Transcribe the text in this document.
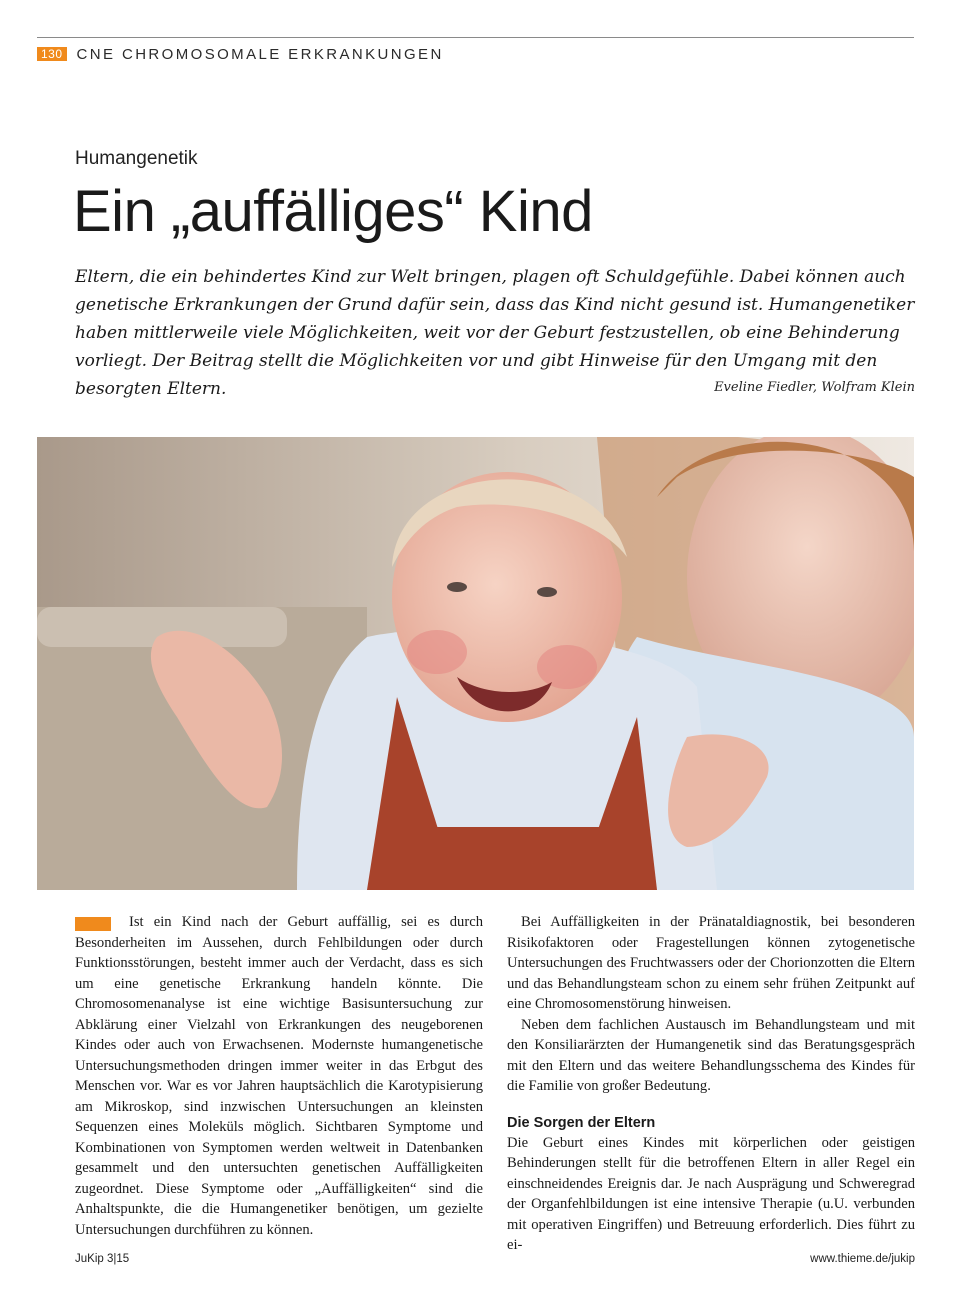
130 CNE CHROMOSOMALE ERKRANKUNGEN
Humangenetik
Ein „auffälliges“ Kind
Eltern, die ein behindertes Kind zur Welt bringen, plagen oft Schuldgefühle. Dabei können auch genetische Erkrankungen der Grund dafür sein, dass das Kind nicht gesund ist. Humangenetiker haben mittlerweile viele Möglichkeiten, weit vor der Geburt festzustellen, ob eine Behinderung vorliegt. Der Beitrag stellt die Möglichkeiten vor und gibt Hinweise für den Umgang mit den besorgten Eltern.	Eveline Fiedler, Wolfram Klein

Ist ein Kind nach der Geburt auffällig, sei es durch Besonderheiten im Aussehen, durch Fehlbildungen oder durch Funktionsstörungen, besteht immer auch der Verdacht, dass es sich um eine genetische Erkrankung handeln könnte. Die Chromosomenanalyse ist eine wichtige Basisuntersuchung zur Abklärung einer Vielzahl von Erkrankungen des neugeborenen Kindes oder auch von Erwachsenen. Modernste humangenetische Untersuchungsmethoden dringen immer weiter in das Erbgut des Menschen vor. War es vor Jahren hauptsächlich die Karotypisierung am Mikroskop, sind inzwischen Untersuchungen an kleinsten Sequenzen eines Moleküls möglich. Sichtbaren Symptome und Kombinationen von Symptomen werden weltweit in Datenbanken gesammelt und den untersuchten genetischen Auffälligkeiten zugeordnet. Diese Symptome oder „Auffälligkeiten“ sind die Anhaltspunkte, die die Humangenetiker benötigen, um gezielte Untersuchungen durchführen zu können.

Bei Auffälligkeiten in der Pränataldiagnostik, bei besonderen Risikofaktoren oder Fragestellungen können zytogenetische Untersuchungen des Fruchtwassers oder der Chorionzotten die Eltern und das Behandlungsteam schon zu einem sehr frühen Zeitpunkt auf eine Chromosomenstörung hinweisen.

Neben dem fachlichen Austausch im Behandlungsteam und mit den Konsiliarärzten der Humangenetik sind das Beratungsgespräch mit den Eltern und das weitere Behandlungsschema des Kindes für die Familie von großer Bedeutung.

Die Sorgen der Eltern

Die Geburt eines Kindes mit körperlichen oder geistigen Behinderungen stellt für die betroffenen Eltern in aller Regel ein einschneidendes Ereignis dar. Je nach Ausprägung und Schweregrad der Organfehlbildungen ist eine intensive Therapie (u.U. verbunden mit operativen Eingriffen) und Betreuung erforderlich. Dies führt zu ei-

JuKip 3|15	www.thieme.de/jukip
